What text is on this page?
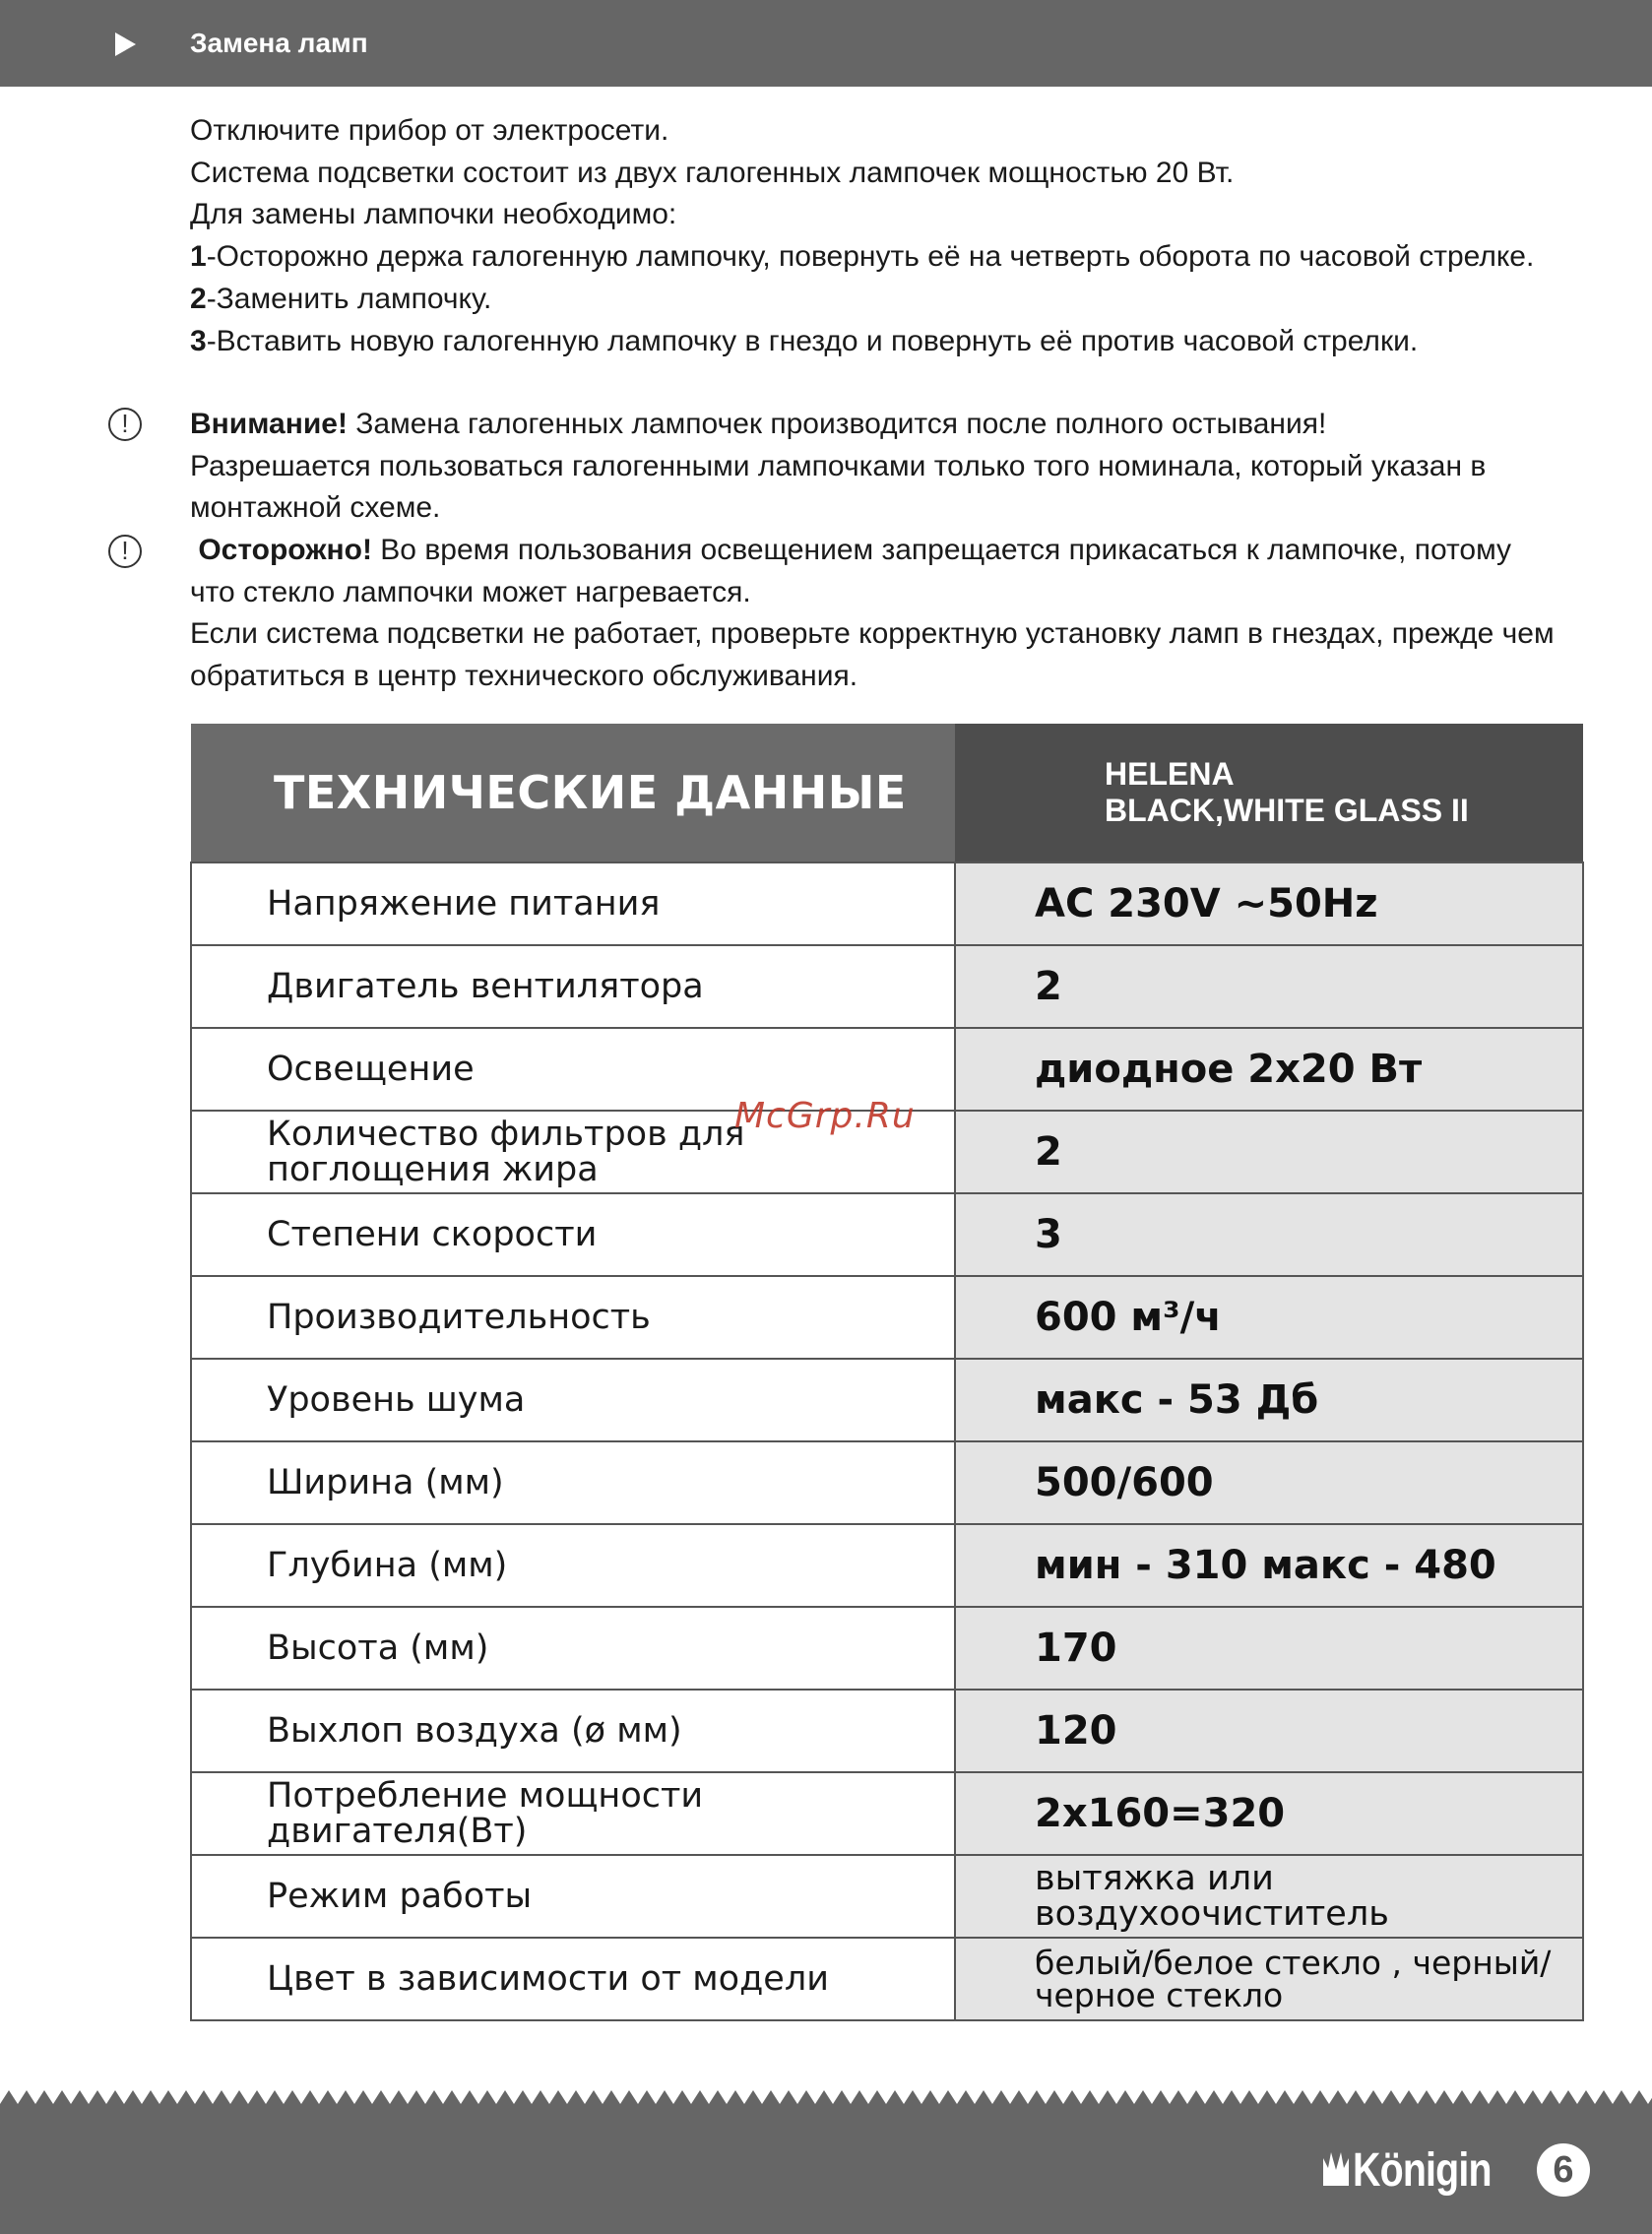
Замена ламп

Отключите прибор от электросети.

Система подсветки состоит из двух галогенных лампочек мощностью 20 Вт.

Для замены лампочки необходимо:

1-Осторожно держа галогенную лампочку, повернуть её на четверть оборота по часовой стрелке.

2-Заменить лампочку.

3-Вставить новую галогенную лампочку в гнездо и повернуть её против часовой стрелки.

!	Внимание! Замена галогенных лампочек производится после полного остывания!

Разрешается пользоваться галогенными лампочками только того номинала, который указан в

монтажной схеме.

!	Осторожно! Во время пользования освещением запрещается прикасаться к лампочке, потому

что стекло лампочки может нагревается.

Если система подсветки не работает, проверьте корректную установку ламп в гнездах, прежде чем

обратиться в центр технического обслуживания.

ТЕХНИЧЕСКИЕ ДАННЫЕ	HELENA
BLACK,WHITE GLASS II

Напряжение питания	AC 230V ~50Hz
Двигатель вентилятора	2
Освещение	диодное 2x20 Вт
Количество фильтров для поглощения жира	2
Степени скорости	3
Производительность	600 м³/ч
Уровень шума	макс - 53 Дб
Ширина (мм)	500/600
Глубина (мм)	мин - 310 макс - 480
Высота (мм)	170
Выхлоп воздуха (ø мм)	120
Потребление мощности двигателя(Вт)	2x160=320
Режим работы	вытяжка или воздухоочиститель
Цвет в зависимости от модели	белый/белое стекло , черный/черное стекло
McGrp.Ru
Königin	6
